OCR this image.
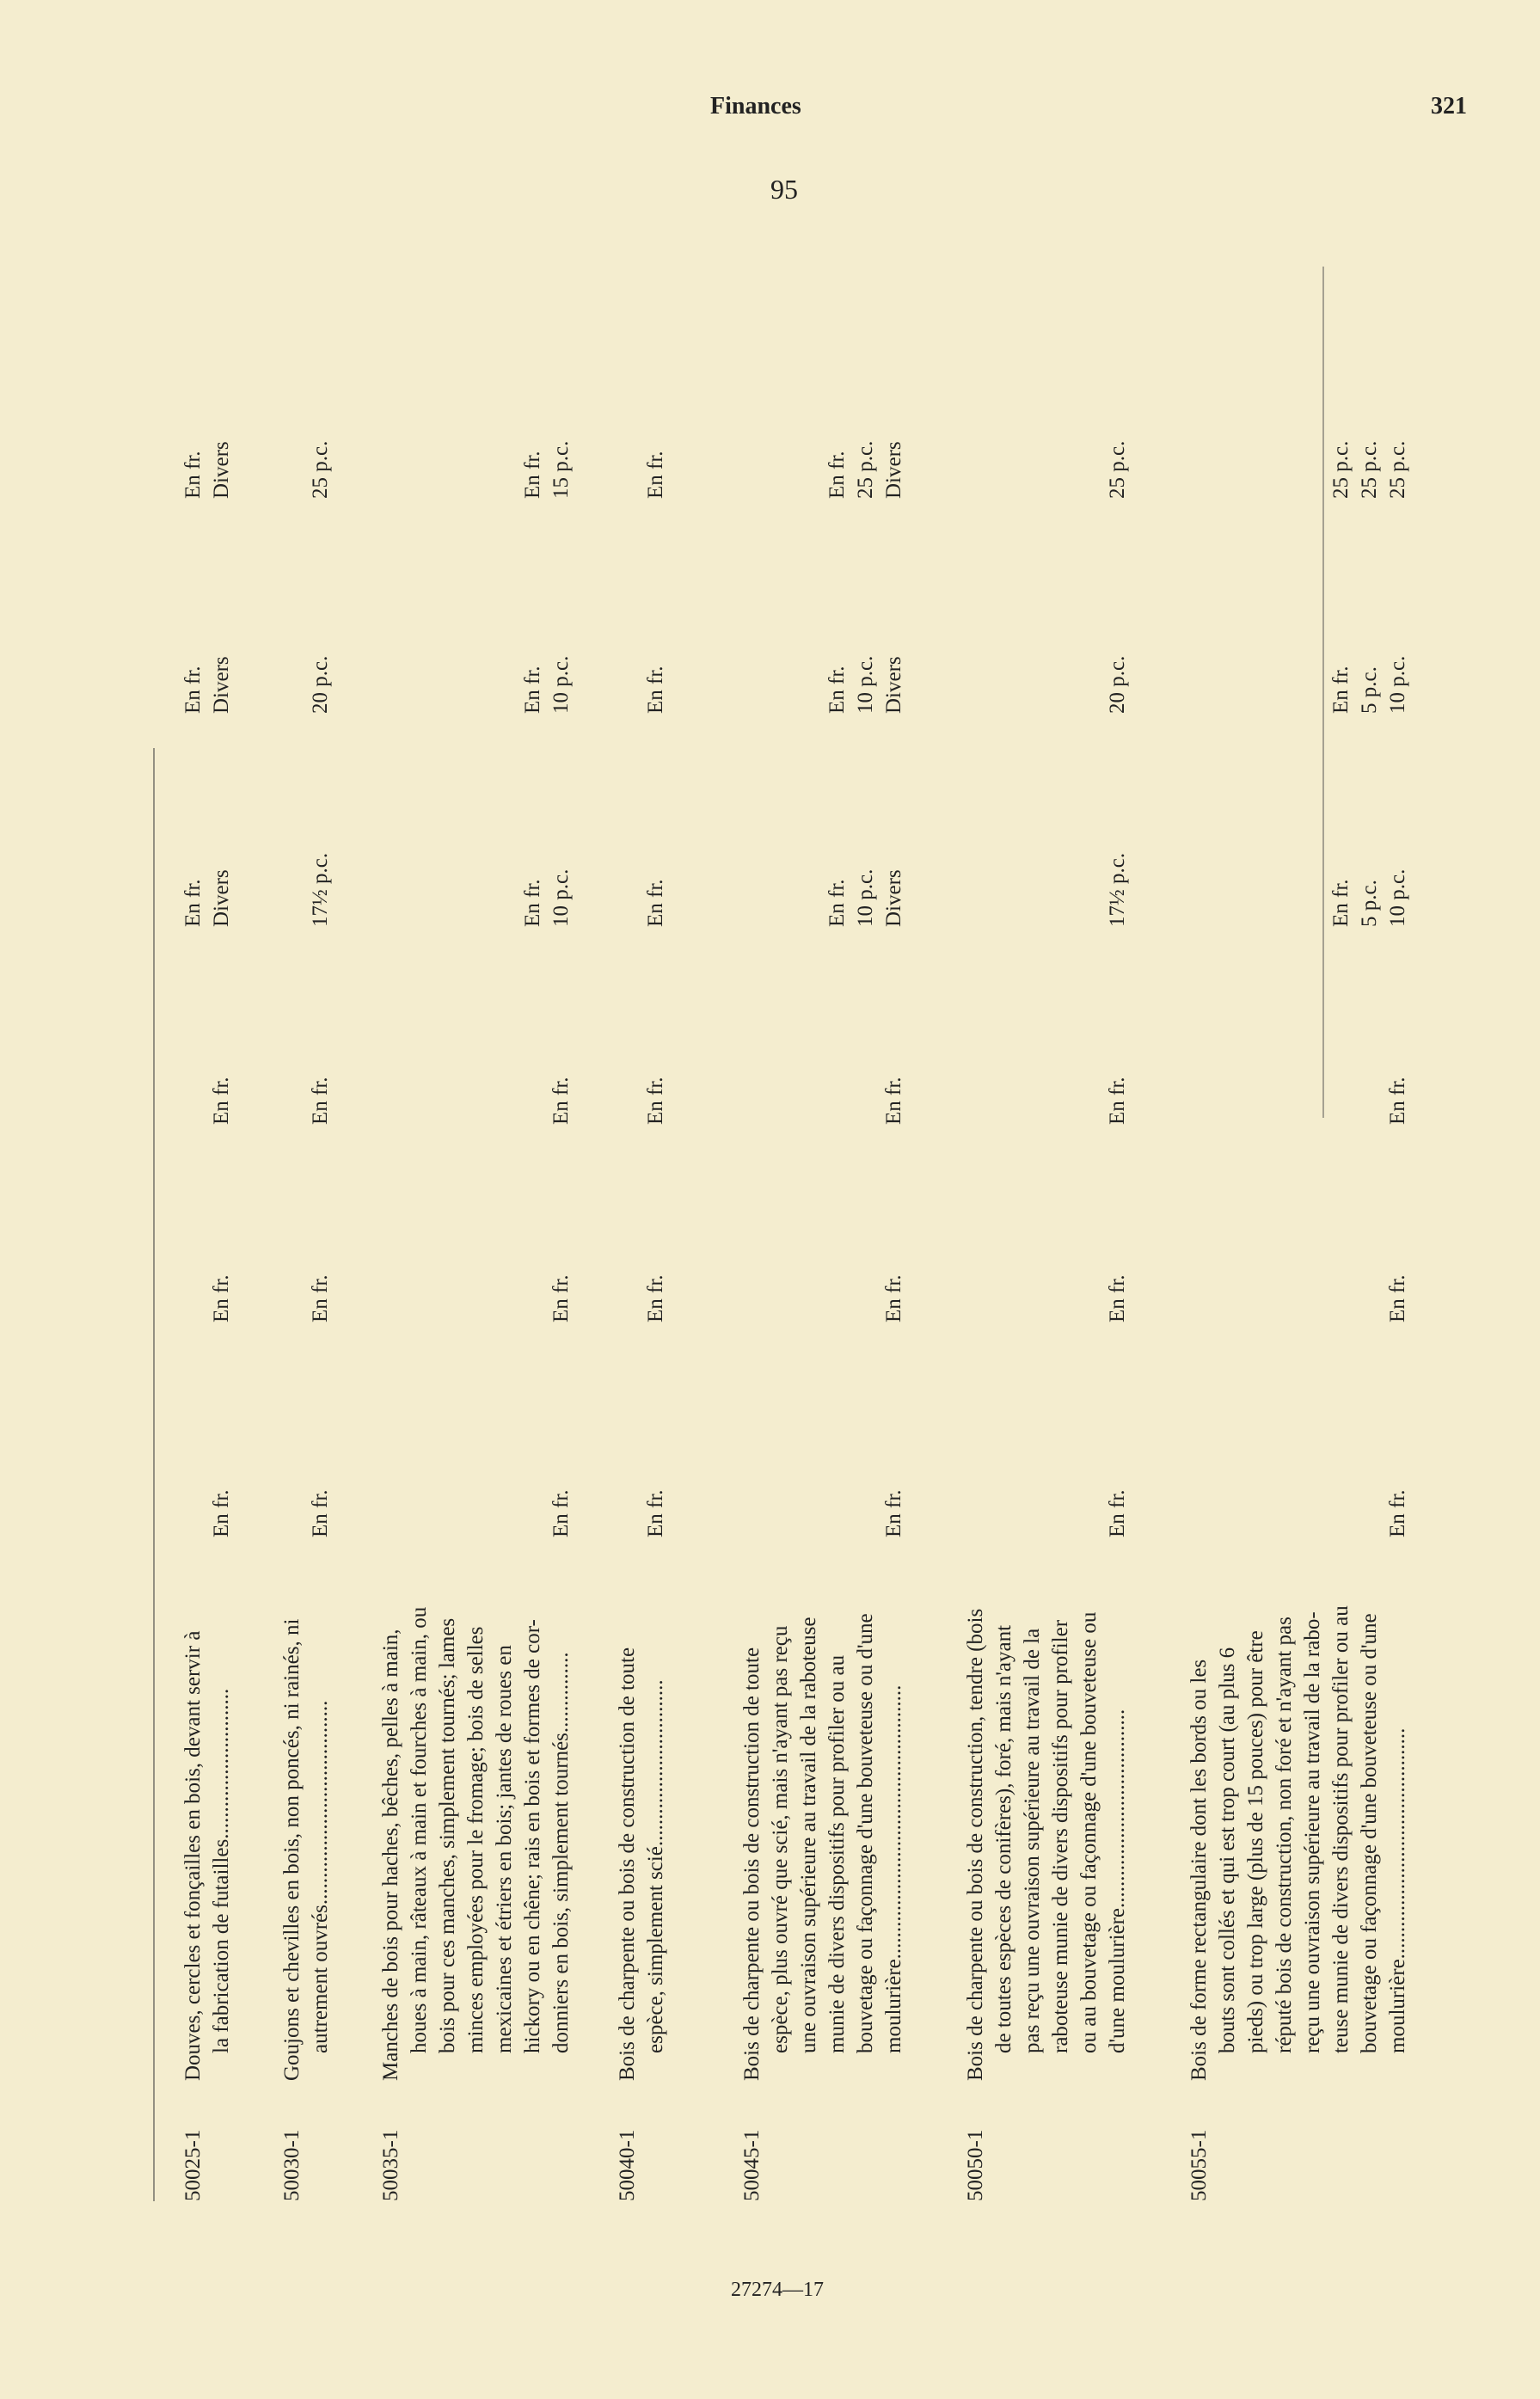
Finances	321
95
50025-1
Douves, cercles et fonçailles en bois, devant servir à la fabrication de futailles............................
En fr.
En fr.
En fr.
En fr. Divers
En fr. Divers
En fr. Divers
50030-1
Goujons et chevilles en bois, non poncés, ni rainés, ni autrement ouvrés......................................
En fr.
En fr.
En fr.
17½ p.c.
20 p.c.
25 p.c.
50035-1
Manches de bois pour haches, bêches, pelles à main, houes à main, râteaux à main et fourches à main, ou bois pour ces manches, simplement tournés; lames minces employées pour le fromage; bois de selles mexicaines et étriers en bois; jantes de roues en hickory ou en chêne; rais en bois et formes de cor- donniers en bois, simplement tournés...............
En fr.
En fr.
En fr.
En fr. 10 p.c.
En fr. 10 p.c.
En fr. 15 p.c.
50040-1
Bois de charpente ou bois de construction de toute espèce, simplement scié...............................
En fr.
En fr.
En fr.
En fr.
En fr.
En fr.
50045-1
Bois de charpente ou bois de construction de toute espèce, plus ouvré que scié, mais n'ayant pas reçu une ouvraison supérieure au travail de la raboteuse munie de divers dispositifs pour profiler ou au bouvetage ou façonnage d'une bouveteuse ou d'une moulurière...................................................
En fr.
En fr.
En fr.
En fr. 10 p.c. Divers
En fr. 10 p.c. Divers
En fr. 25 p.c. Divers
50050-1
Bois de charpente ou bois de construction, tendre (bois de toutes espèces de conifères), foré, mais n'ayant pas reçu une ouvraison supérieure au travail de la raboteuse munie de divers dispositifs pour profiler ou au bouvetage ou façonnage d'une bouveteuse ou d'une moulurière.....................................
En fr.
En fr.
En fr.
17½ p.c.
20 p.c.
25 p.c.
50055-1
Bois de forme rectangulaire dont les bords ou les bouts sont collés et qui est trop court (au plus 6 pieds) ou trop large (plus de 15 pouces) pour être réputé bois de construction, non foré et n'ayant pas reçu une ouvraison supérieure au travail de la rabo- teuse munie de divers dispositifs pour profiler ou au bouvetage ou façonnage d'une bouveteuse ou d'une moulurière...........................................
En fr.
En fr.
En fr.
En fr. 5 p.c. 10 p.c.
En fr. 5 p.c. 10 p.c.
25 p.c. 25 p.c. 25 p.c.
27274—17
